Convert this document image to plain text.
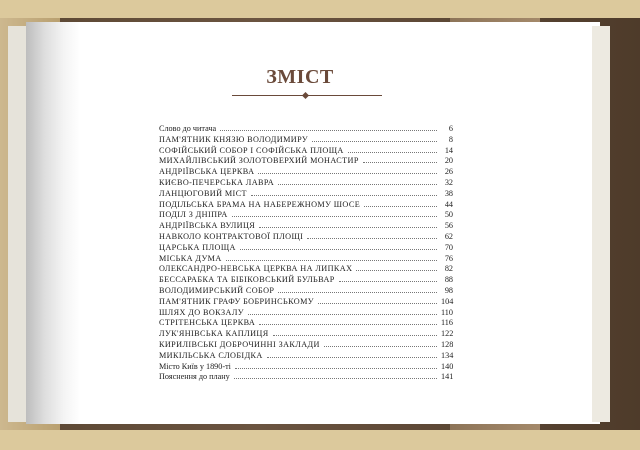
ЗМІСТ
Слово до читача	6
ПАМ'ЯТНИК КНЯЗЮ ВОЛОДИМИРУ	8
СОФІЙСЬКИЙ СОБОР І СОФІЙСЬКА ПЛОЩА	14
МИХАЙЛІВСЬКИЙ ЗОЛОТОВЕРХИЙ МОНАСТИР	20
АНДРІЇВСЬКА ЦЕРКВА	26
КИЄВО-ПЕЧЕРСЬКА ЛАВРА	32
ЛАНЦЮГОВИЙ МІСТ	38
ПОДІЛЬСЬКА БРАМА НА НАБЕРЕЖНОМУ ШОСЕ	44
ПОДІЛ З ДНІПРА	50
АНДРІЇВСЬКА ВУЛИЦЯ	56
НАВКОЛО КОНТРАКТОВОЇ ПЛОЩІ	62
ЦАРСЬКА ПЛОЩА	70
МІСЬКА ДУМА	76
ОЛЕКСАНДРО-НЕВСЬКА ЦЕРКВА НА ЛИПКАХ	82
БЕССАРАБКА ТА БІБІКОВСЬКИЙ БУЛЬВАР	88
ВОЛОДИМИРСЬКИЙ СОБОР	98
ПАМ'ЯТНИК ГРАФУ БОБРИНСЬКОМУ	104
ШЛЯХ ДО ВОКЗАЛУ	110
СТРІТЕНСЬКА ЦЕРКВА	116
ЛУК'ЯНІВСЬКА КАПЛИЦЯ	122
КИРИЛІВСЬКІ ДОБРОЧИННІ ЗАКЛАДИ	128
МИКІЛЬСЬКА СЛОБІДКА	134
Місто Київ у 1890-ті	140
Пояснення до плану	141
